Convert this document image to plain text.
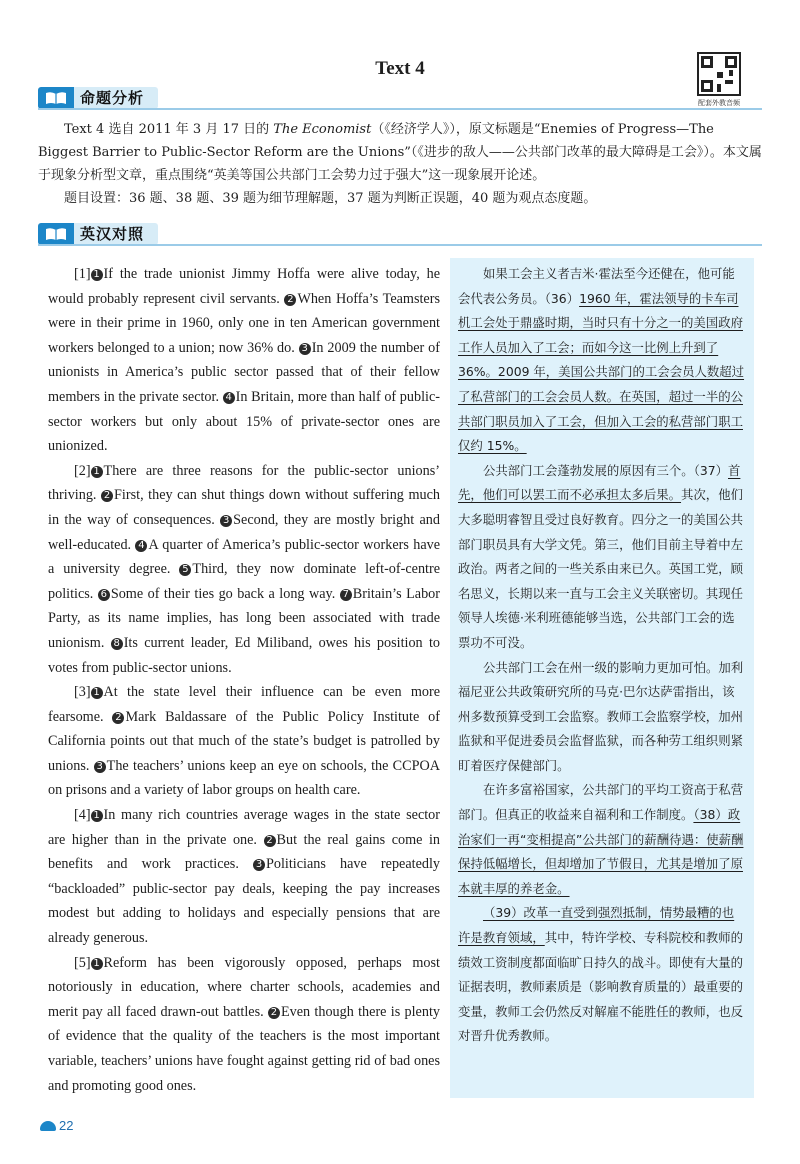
Text 4
配套外教音频
命题分析

Text 4 选自 2011 年 3 月 17 日的 The Economist（《经济学人》），原文标题是“Enemies of Progress—The Biggest Barrier to Public-Sector Reform are the Unions”（《进步的敌人——公共部门改革的最大障碍是工会》）。本文属于现象分析型文章，重点围绕“英美等国公共部门工会势力过于强大”这一现象展开论述。

题目设置：36 题、38 题、39 题为细节理解题，37 题为判断正误题，40 题为观点态度题。

英汉对照

[1] 1 If the trade unionist Jimmy Hoffa were alive today, he would probably represent civil servants. 2 When Hoffa’s Teamsters were in their prime in 1960, only one in ten American government workers belonged to a union; now 36% do. 3 In 2009 the number of unionists in America’s public sector passed that of their fellow members in the private sector. 4 In Britain, more than half of public-sector workers but only about 15% of private-sector ones are unionized.

[2] 1 There are three reasons for the public-sector unions’ thriving. 2 First, they can shut things down without suffering much in the way of consequences. 3 Second, they are mostly bright and well-educated. 4 A quarter of America’s public-sector workers have a university degree. 5 Third, they now dominate left-of-centre politics. 6 Some of their ties go back a long way. 7 Britain’s Labor Party, as its name implies, has long been associated with trade unionism. 8 Its current leader, Ed Miliband, owes his position to votes from public-sector unions.

[3] 1 At the state level their influence can be even more fearsome. 2 Mark Baldassare of the Public Policy Institute of California points out that much of the state’s budget is patrolled by unions. 3 The teachers’ unions keep an eye on schools, the CCPOA on prisons and a variety of labor groups on health care.

[4] 1 In many rich countries average wages in the state sector are higher than in the private one. 2 But the real gains come in benefits and work practices. 3 Politicians have repeatedly “backloaded” public-sector pay deals, keeping the pay increases modest but adding to holidays and especially pensions that are already generous.

[5] 1 Reform has been vigorously opposed, perhaps most notoriously in education, where charter schools, academies and merit pay all faced drawn-out battles. 2 Even though there is plenty of evidence that the quality of the teachers is the most important variable, teachers’ unions have fought against getting rid of bad ones and promoting good ones.

如果工会主义者吉米·霍法至今还健在，他可能会代表公务员。（36）1960 年，霍法领导的卡车司机工会处于鼎盛时期，当时只有十分之一的美国政府工作人员加入了工会；而如今这一比例上升到了 36%。2009 年，美国公共部门的工会会员人数超过了私营部门的工会会员人数。在英国，超过一半的公共部门职员加入了工会，但加入工会的私营部门职工仅约 15%。

公共部门工会蓬勃发展的原因有三个。（37）首先，他们可以罢工而不必承担太多后果。其次，他们大多聪明睿智且受过良好教育。四分之一的美国公共部门职员具有大学文凭。第三，他们目前主导着中左政治。两者之间的一些关系由来已久。英国工党，顾名思义，长期以来一直与工会主义关联密切。其现任领导人埃德·米利班德能够当选，公共部门工会的选票功不可没。

公共部门工会在州一级的影响力更加可怕。加利福尼亚公共政策研究所的马克·巴尔达萨雷指出，该州多数预算受到工会监察。教师工会监察学校，加州监狱和平促进委员会监督监狱，而各种劳工组织则紧盯着医疗保健部门。

在许多富裕国家，公共部门的平均工资高于私营部门。但真正的收益来自福利和工作制度。（38）政治家们一再“变相提高”公共部门的薪酬待遇：使薪酬保持低幅增长，但却增加了节假日，尤其是增加了原本就丰厚的养老金。

（39）改革一直受到强烈抵制，情势最糟的也许是教育领域，其中，特许学校、专科院校和教师的绩效工资制度都面临旷日持久的战斗。即使有大量的证据表明，教师素质是（影响教育质量的）最重要的变量，教师工会仍然反对解雇不能胜任的教师，也反对晋升优秀教师。

22
